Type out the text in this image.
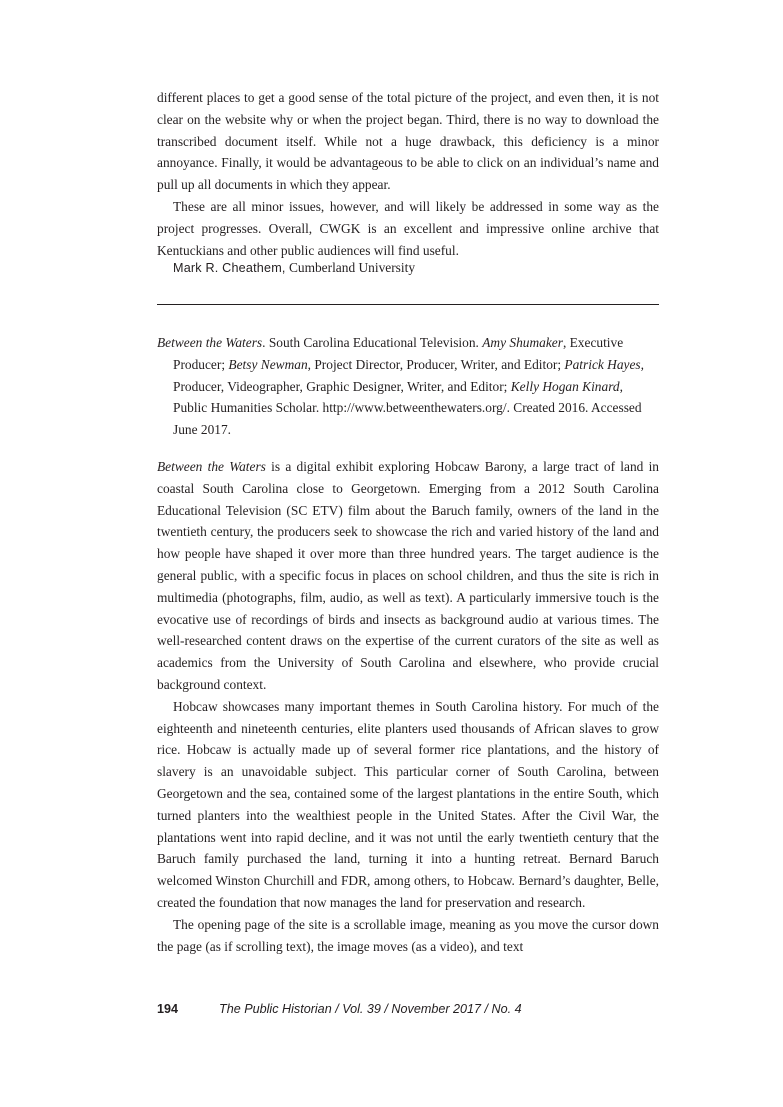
different places to get a good sense of the total picture of the project, and even then, it is not clear on the website why or when the project began. Third, there is no way to download the transcribed document itself. While not a huge drawback, this deficiency is a minor annoyance. Finally, it would be advantageous to be able to click on an individual’s name and pull up all documents in which they appear.

These are all minor issues, however, and will likely be addressed in some way as the project progresses. Overall, CWGK is an excellent and impressive online archive that Kentuckians and other public audiences will find useful.

Mark R. Cheathem, Cumberland University

Between the Waters. South Carolina Educational Television. Amy Shumaker, Executive Producer; Betsy Newman, Project Director, Producer, Writer, and Editor; Patrick Hayes, Producer, Videographer, Graphic Designer, Writer, and Editor; Kelly Hogan Kinard, Public Humanities Scholar. http://www.betweenthewaters.org/. Created 2016. Accessed June 2017.

Between the Waters is a digital exhibit exploring Hobcaw Barony, a large tract of land in coastal South Carolina close to Georgetown. Emerging from a 2012 South Carolina Educational Television (SC ETV) film about the Baruch family, owners of the land in the twentieth century, the producers seek to showcase the rich and varied history of the land and how people have shaped it over more than three hundred years. The target audience is the general public, with a specific focus in places on school children, and thus the site is rich in multimedia (photographs, film, audio, as well as text). A particularly immersive touch is the evocative use of recordings of birds and insects as background audio at various times. The well-researched content draws on the expertise of the current curators of the site as well as academics from the University of South Carolina and elsewhere, who provide crucial background context.

Hobcaw showcases many important themes in South Carolina history. For much of the eighteenth and nineteenth centuries, elite planters used thousands of African slaves to grow rice. Hobcaw is actually made up of several former rice plantations, and the history of slavery is an unavoidable subject. This particular corner of South Carolina, between Georgetown and the sea, contained some of the largest plantations in the entire South, which turned planters into the wealthiest people in the United States. After the Civil War, the plantations went into rapid decline, and it was not until the early twentieth century that the Baruch family purchased the land, turning it into a hunting retreat. Bernard Baruch welcomed Winston Churchill and FDR, among others, to Hobcaw. Bernard’s daughter, Belle, created the foundation that now manages the land for preservation and research.

The opening page of the site is a scrollable image, meaning as you move the cursor down the page (as if scrolling text), the image moves (as a video), and text

194	The Public Historian / Vol. 39 / November 2017 / No. 4
